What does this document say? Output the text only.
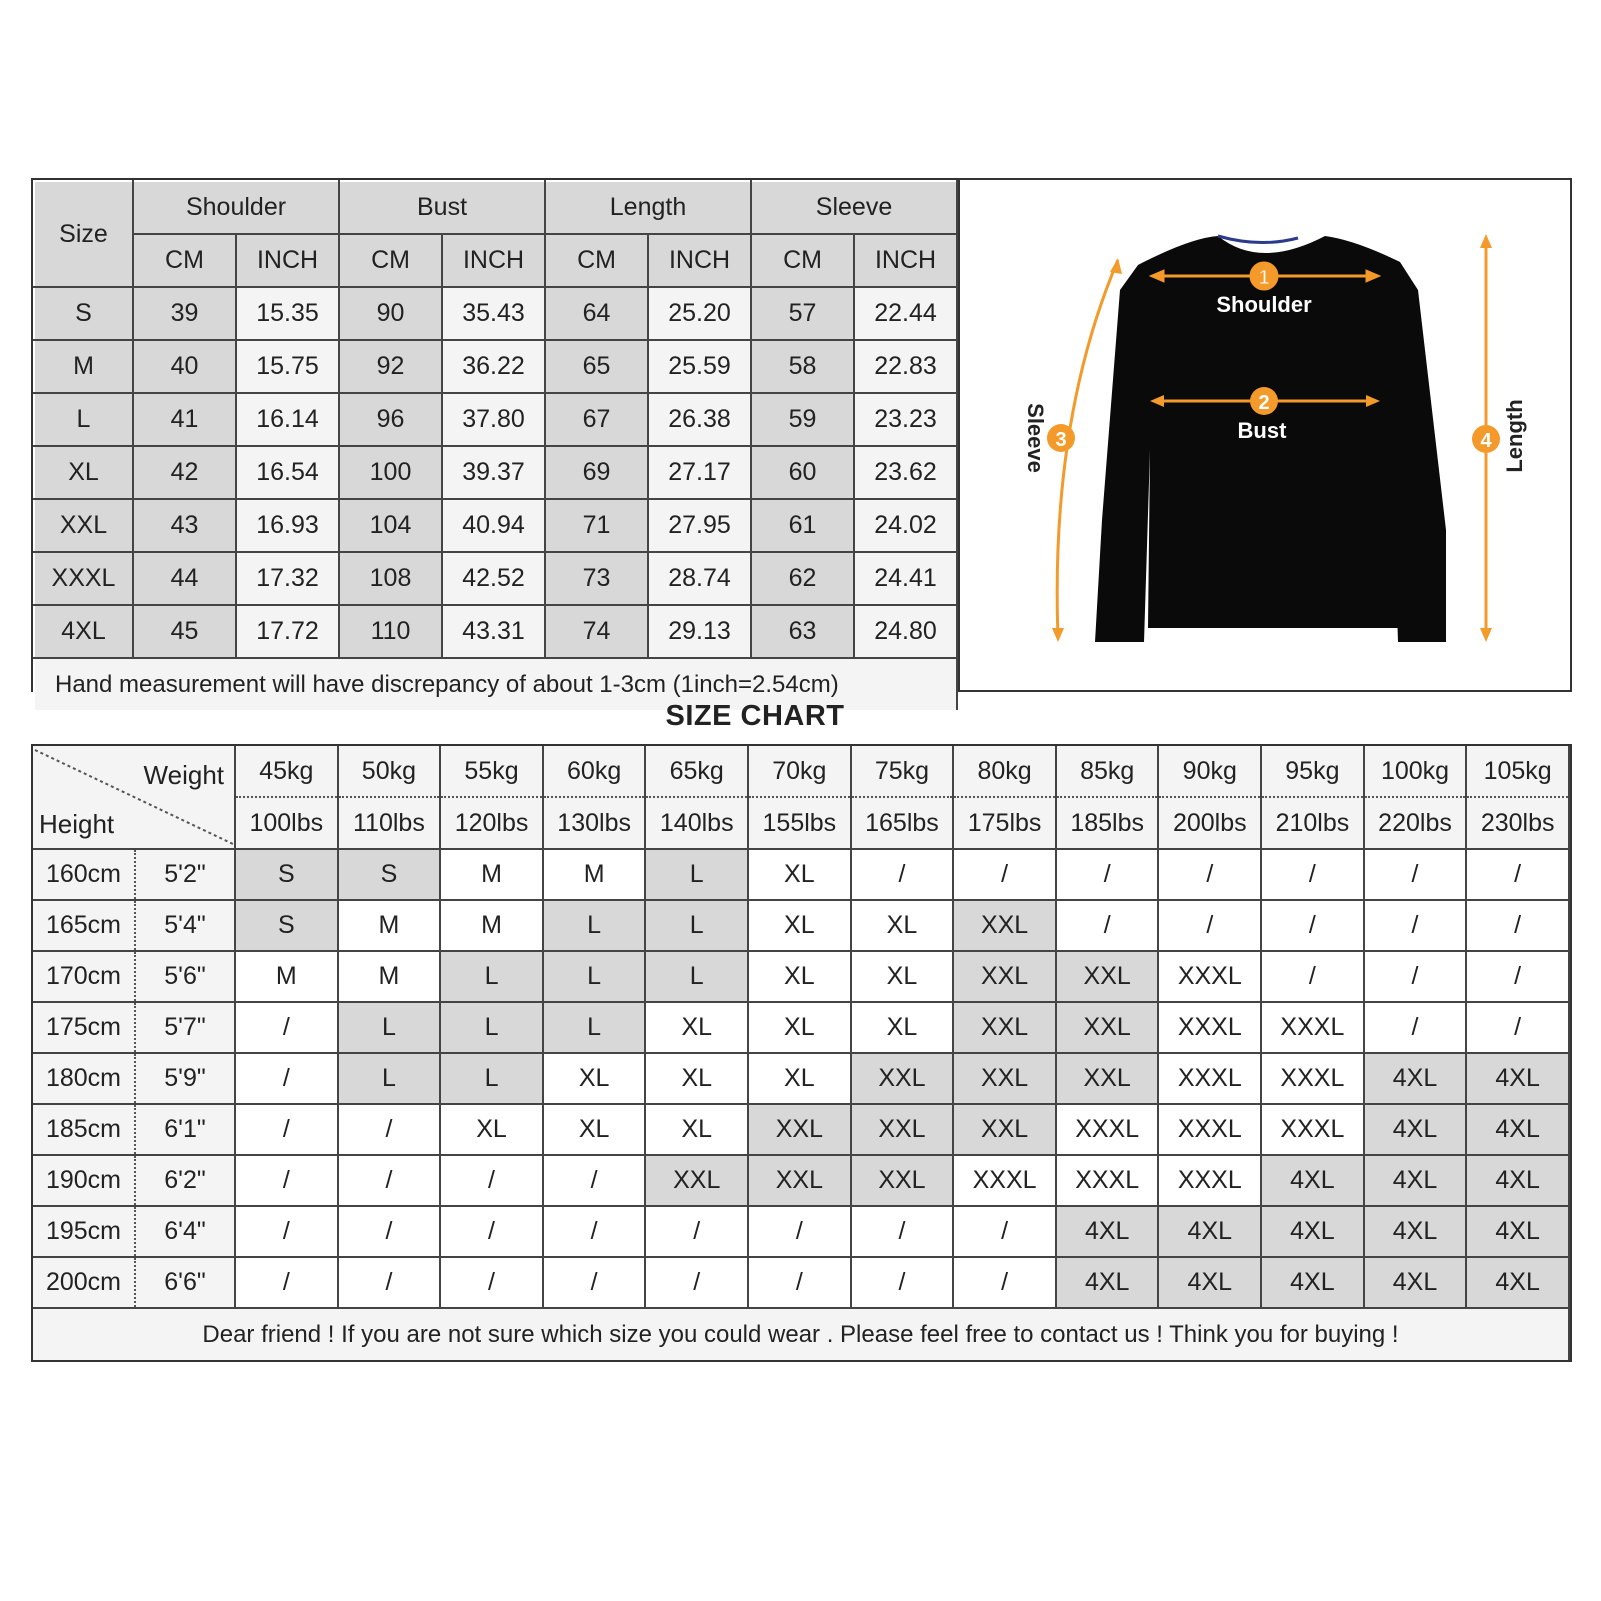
Size	Shoulder		Bust		Length		Sleeve	
	CM	INCH	CM	INCH	CM	INCH	CM	INCH
S	39	15.35	90	35.43	64	25.20	57	22.44
M	40	15.75	92	36.22	65	25.59	58	22.83
L	41	16.14	96	37.80	67	26.38	59	23.23
XL	42	16.54	100	39.37	69	27.17	60	23.62
XXL	43	16.93	104	40.94	71	27.95	61	24.02
XXXL	44	17.32	108	42.52	73	28.74	62	24.41
4XL	45	17.72	110	43.31	74	29.13	63	24.80
Hand measurement will have discrepancy of about 1-3cm (1inch=2.54cm)								
1
Shoulder
2
Bust
3
Sleeve	4 Length
SIZE CHART
Weight
Height		45kg	50kg	55kg	60kg	65kg	70kg	75kg	80kg	85kg	90kg	95kg	100kg	105kg
		100lbs	110lbs	120lbs	130lbs	140lbs	155lbs	165lbs	175lbs	185lbs	200lbs	210lbs	220lbs	230lbs
160cm	5'2"	S	S	M	M	L	XL	/	/	/	/	/	/	/
165cm	5'4"	S	M	M	L	L	XL	XL	XXL	/	/	/	/	/
170cm	5'6"	M	M	L	L	L	XL	XL	XXL	XXL	XXXL	/	/	/
175cm	5'7"	/	L	L	L	XL	XL	XL	XXL	XXL	XXXL	XXXL	/	/
180cm	5'9"	/	L	L	XL	XL	XL	XXL	XXL	XXL	XXXL	XXXL	4XL	4XL
185cm	6'1"	/	/	XL	XL	XL	XXL	XXL	XXL	XXXL	XXXL	XXXL	4XL	4XL
190cm	6'2"	/	/	/	/	XXL	XXL	XXL	XXXL	XXXL	XXXL	4XL	4XL	4XL
195cm	6'4"	/	/	/	/	/	/	/	/	4XL	4XL	4XL	4XL	4XL
200cm	6'6"	/	/	/	/	/	/	/	/	4XL	4XL	4XL	4XL	4XL
Dear friend ! If you are not sure which size you could wear . Please feel free to contact us ! Think you for buying !														
